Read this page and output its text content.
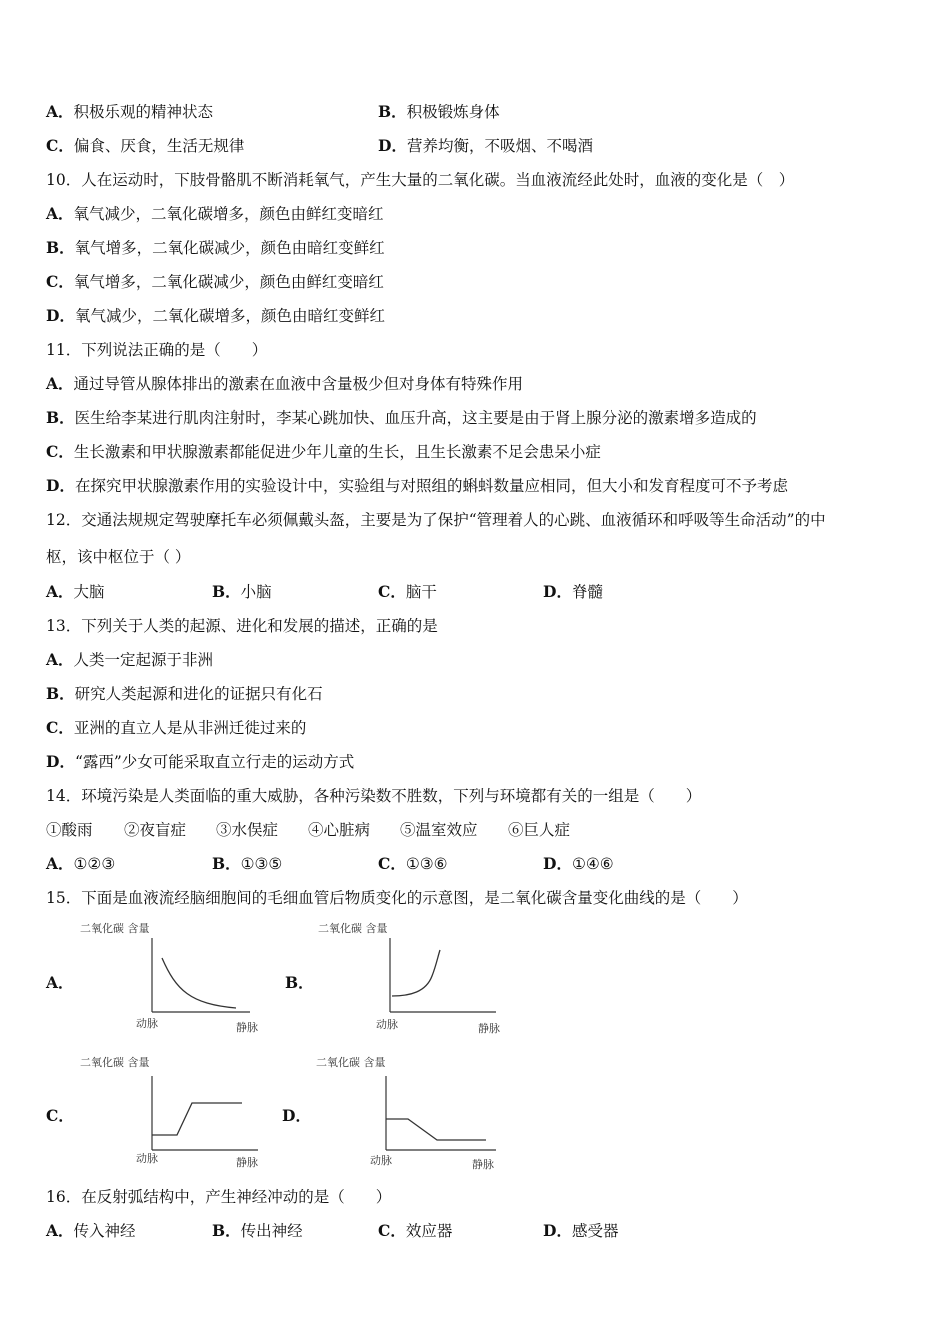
A．积极乐观的精神状态	B．积极锻炼身体
C．偏食、厌食，生活无规律	D．营养均衡，不吸烟、不喝酒
10．人在运动时，下肢骨骼肌不断消耗氧气，产生大量的二氧化碳。当血液流经此处时，血液的变化是（　）
A．氧气减少，二氧化碳增多，颜色由鲜红变暗红
B．氧气增多，二氧化碳减少，颜色由暗红变鲜红
C．氧气增多，二氧化碳减少，颜色由鲜红变暗红
D．氧气减少，二氧化碳增多，颜色由暗红变鲜红
11．下列说法正确的是（　　）
A．通过导管从腺体排出的激素在血液中含量极少但对身体有特殊作用
B．医生给李某进行肌肉注射时，李某心跳加快、血压升高，这主要是由于肾上腺分泌的激素增多造成的
C．生长激素和甲状腺激素都能促进少年儿童的生长，且生长激素不足会患呆小症
D．在探究甲状腺激素作用的实验设计中，实验组与对照组的蝌蚪数量应相同，但大小和发育程度可不予考虑
12．交通法规规定驾驶摩托车必须佩戴头盔，主要是为了保护“管理着人的心跳、血液循环和呼吸等生命活动”的中
枢，该中枢位于（ ）
A．大脑	B．小脑	C．脑干	D．脊髓
13．下列关于人类的起源、进化和发展的描述，正确的是
A．人类一定起源于非洲
B．研究人类起源和进化的证据只有化石
C．亚洲的直立人是从非洲迁徙过来的
D．“露西”少女可能采取直立行走的运动方式
14．环境污染是人类面临的重大威胁，各种污染数不胜数，下列与环境都有关的一组是（　　）
①酸雨 ②夜盲症 ③水俣症 ④心脏病 ⑤温室效应 ⑥巨人症
A．①②③	B．①③⑤	C．①③⑥	D．①④⑥
15．下面是血液流经脑细胞间的毛细血管后物质变化的示意图，是二氧化碳含量变化曲线的是（　　）
A．
二氧化碳 含量
动脉	静脉
B．
二氧化碳 含量
动脉	静脉
C．
二氧化碳 含量
动脉	静脉
D．
二氧化碳 含量
动脉	静脉
16．在反射弧结构中，产生神经冲动的是（　　）
A．传入神经	B．传出神经	C．效应器	D．感受器
